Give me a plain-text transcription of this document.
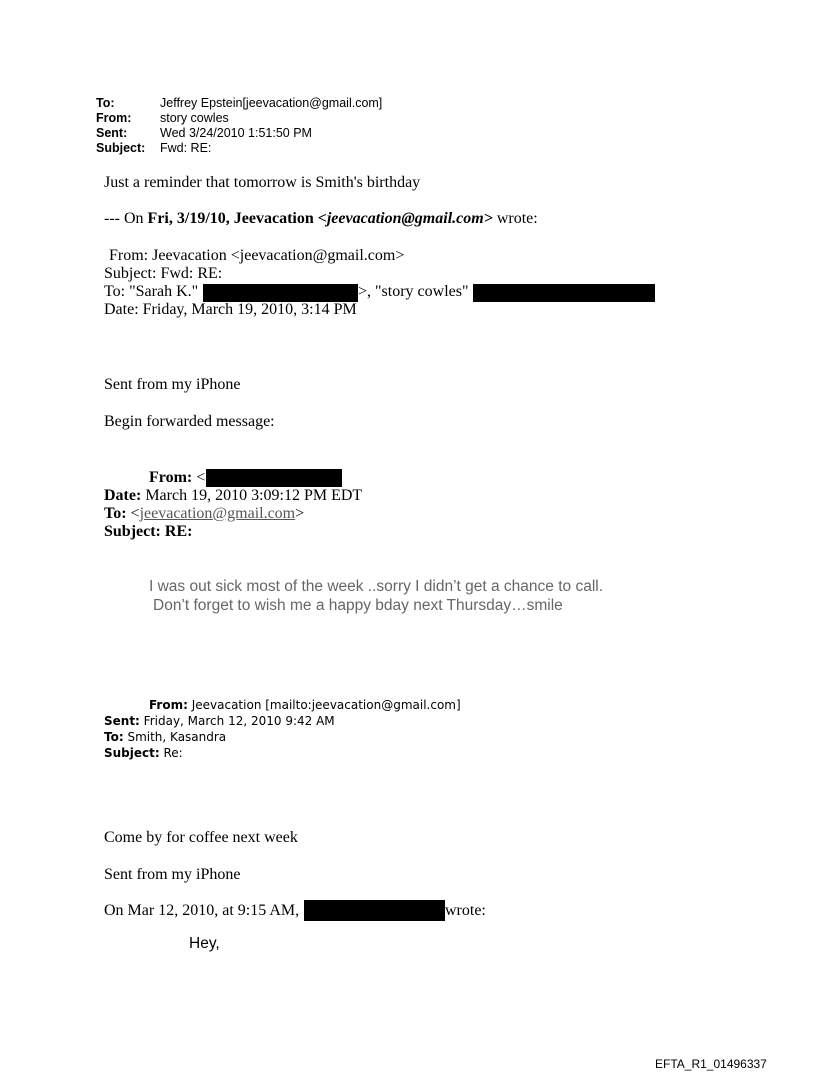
To:	Jeffrey Epstein[jeevacation@gmail.com]
From: story cowles
Sent:	Wed 3/24/2010 1:51:50 PM
Subject: Fwd: RE:
Just a reminder that tomorrow is Smith's birthday
--- On Fri, 3/19/10, Jeevacation <jeevacation@gmail.com> wrote:
From: Jeevacation <jeevacation@gmail.com>
Subject: Fwd: RE:
To: "Sarah K."	>, "story cowles"
Date: Friday, March 19, 2010, 3:14 PM
Sent from my iPhone
Begin forwarded message:
From: <
Date: March 19, 2010 3:09:12 PM EDT
To: <jeevacation@gmail.com>
Subject: RE:
I was out sick most of the week ..sorry I didn’t get a chance to call.
Don’t forget to wish me a happy bday next Thursday…smile
From: Jeevacation [mailto:jeevacation@gmail.com]
Sent: Friday, March 12, 2010 9:42 AM
To: Smith, Kasandra
Subject: Re:
Come by for coffee next week
Sent from my iPhone
On Mar 12, 2010, at 9:15 AM,	wrote:
Hey,
EFTA_R1_01496337
